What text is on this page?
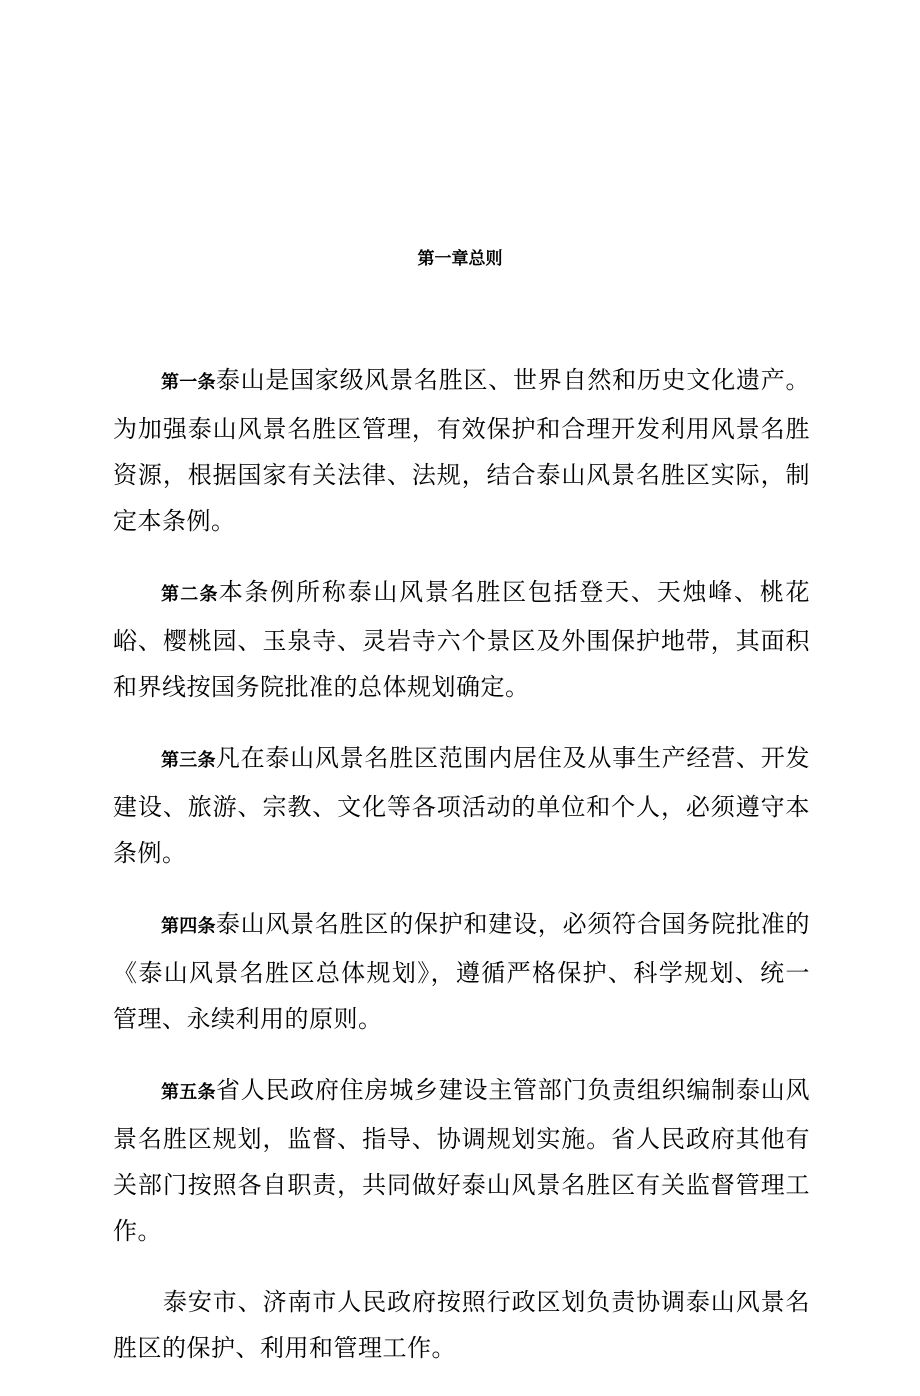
第一章总则

第一条泰山是国家级风景名胜区、世界自然和历史文化遗产。为加强泰山风景名胜区管理，有效保护和合理开发利用风景名胜资源，根据国家有关法律、法规，结合泰山风景名胜区实际，制定本条例。

第二条本条例所称泰山风景名胜区包括登天、天烛峰、桃花峪、樱桃园、玉泉寺、灵岩寺六个景区及外围保护地带，其面积和界线按国务院批准的总体规划确定。

第三条凡在泰山风景名胜区范围内居住及从事生产经营、开发建设、旅游、宗教、文化等各项活动的单位和个人，必须遵守本条例。

第四条泰山风景名胜区的保护和建设，必须符合国务院批准的《泰山风景名胜区总体规划》，遵循严格保护、科学规划、统一管理、永续利用的原则。

第五条省人民政府住房城乡建设主管部门负责组织编制泰山风景名胜区规划，监督、指导、协调规划实施。省人民政府其他有关部门按照各自职责，共同做好泰山风景名胜区有关监督管理工作。

泰安市、济南市人民政府按照行政区划负责协调泰山风景名胜区的保护、利用和管理工作。
